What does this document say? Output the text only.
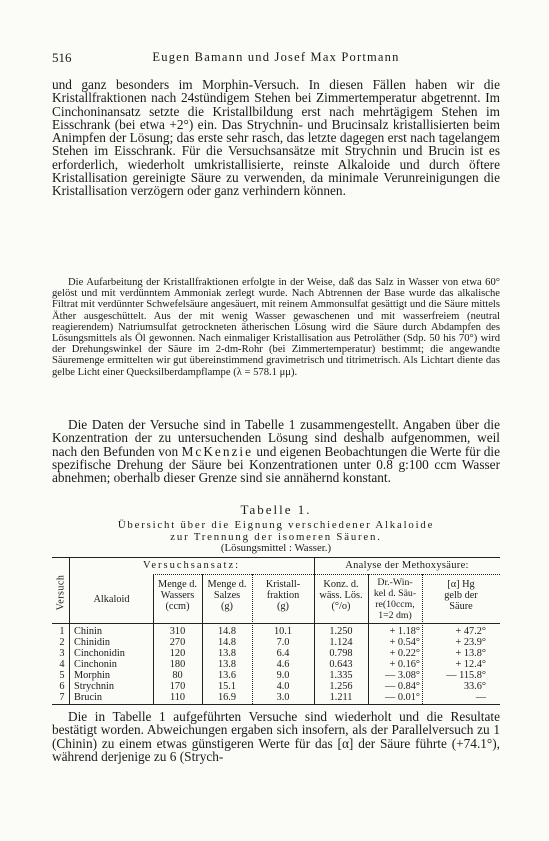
516	Eugen Bamann und Josef Max Portmann

und ganz besonders im Morphin-Versuch. In diesen Fällen haben wir die Kristallfraktionen nach 24stündigem Stehen bei Zimmertemperatur abgetrennt. Im Cinchoninansatz setzte die Kristallbildung erst nach mehrtägigem Stehen im Eisschrank (bei etwa +2°) ein. Das Strychnin- und Brucinsalz kristallisierten beim Animpfen der Lösung; das erste sehr rasch, das letzte dagegen erst nach tagelangem Stehen im Eisschrank. Für die Versuchsansätze mit Strychnin und Brucin ist es erforderlich, wiederholt umkristallisierte, reinste Alkaloide und durch öftere Kristallisation gereinigte Säure zu verwenden, da minimale Verunreinigungen die Kristallisation verzögern oder ganz verhindern können.

Die Aufarbeitung der Kristallfraktionen erfolgte in der Weise, daß das Salz in Wasser von etwa 60° gelöst und mit verdünntem Ammoniak zerlegt wurde. Nach Abtrennen der Base wurde das alkalische Filtrat mit verdünnter Schwefelsäure angesäuert, mit reinem Ammonsulfat gesättigt und die Säure mittels Äther ausgeschüttelt. Aus der mit wenig Wasser gewaschenen und mit wasserfreiem (neutral reagierendem) Natriumsulfat getrockneten ätherischen Lösung wird die Säure durch Abdampfen des Lösungsmittels als Öl gewonnen. Nach einmaliger Kristallisation aus Petroläther (Sdp. 50 his 70°) wird der Drehungswinkel der Säure im 2-dm-Rohr (bei Zimmertemperatur) bestimmt; die angewandte Säuremenge ermittelten wir gut übereinstimmend gravimetrisch und titrimetrisch. Als Lichtart diente das gelbe Licht einer Quecksilberdampflampe (λ = 578.1 μμ).

Die Daten der Versuche sind in Tabelle 1 zusammengestellt. Angaben über die Konzentration der zu untersuchenden Lösung sind deshalb aufgenommen, weil nach den Befunden von McKenzie und eigenen Beobachtungen die Werte für die spezifische Drehung der Säure bei Konzentrationen unter 0.8 g:100 ccm Wasser abnehmen; oberhalb dieser Grenze sind sie annähernd konstant.

Tabelle 1.
Übersicht über die Eignung verschiedener Alkaloide
zur Trennung der isomeren Säuren.
(Lösungsmittel : Wasser.)
Versuch
Versuchsansatz:	Analyse der Methoxysäure:
Alkaloid
Menge d.
Wassers
(ccm)
Menge d.
Salzes
(g)
Kristall-
fraktion
(g)
Konz. d.
wäss. Lös.
(°/o)
Dr.-Win-
kel d. Säu-
re(10ccm,
1=2 dm)
[α] Hg
gelb der
Säure
1 Chinin	310	14.8	10.1	1.250	+ 1.18°	+ 47.2°
2 Chinidin	270	14.8	7.0	1.124	+ 0.54°	+ 23.9°
3 Cinchonidin	120	13.8	6.4	0.798	+ 0.22°	+ 13.8°
4 Cinchonin	180	13.8	4.6	0.643	+ 0.16°	+ 12.4°
5 Morphin	80	13.6	9.0	1.335	— 3.08°	— 115.8°
6 Strychnin	170	15.1	4.0	1.256	— 0.84°	33.6°
7 Brucin	110	16.9	3.0	1.211	— 0.01°	—

Die in Tabelle 1 aufgeführten Versuche sind wiederholt und die Resultate bestätigt worden. Abweichungen ergaben sich insofern, als der Parallelversuch zu 1 (Chinin) zu einem etwas günstigeren Werte für das [α] der Säure führte (+74.1°), während derjenige zu 6 (Strych-
